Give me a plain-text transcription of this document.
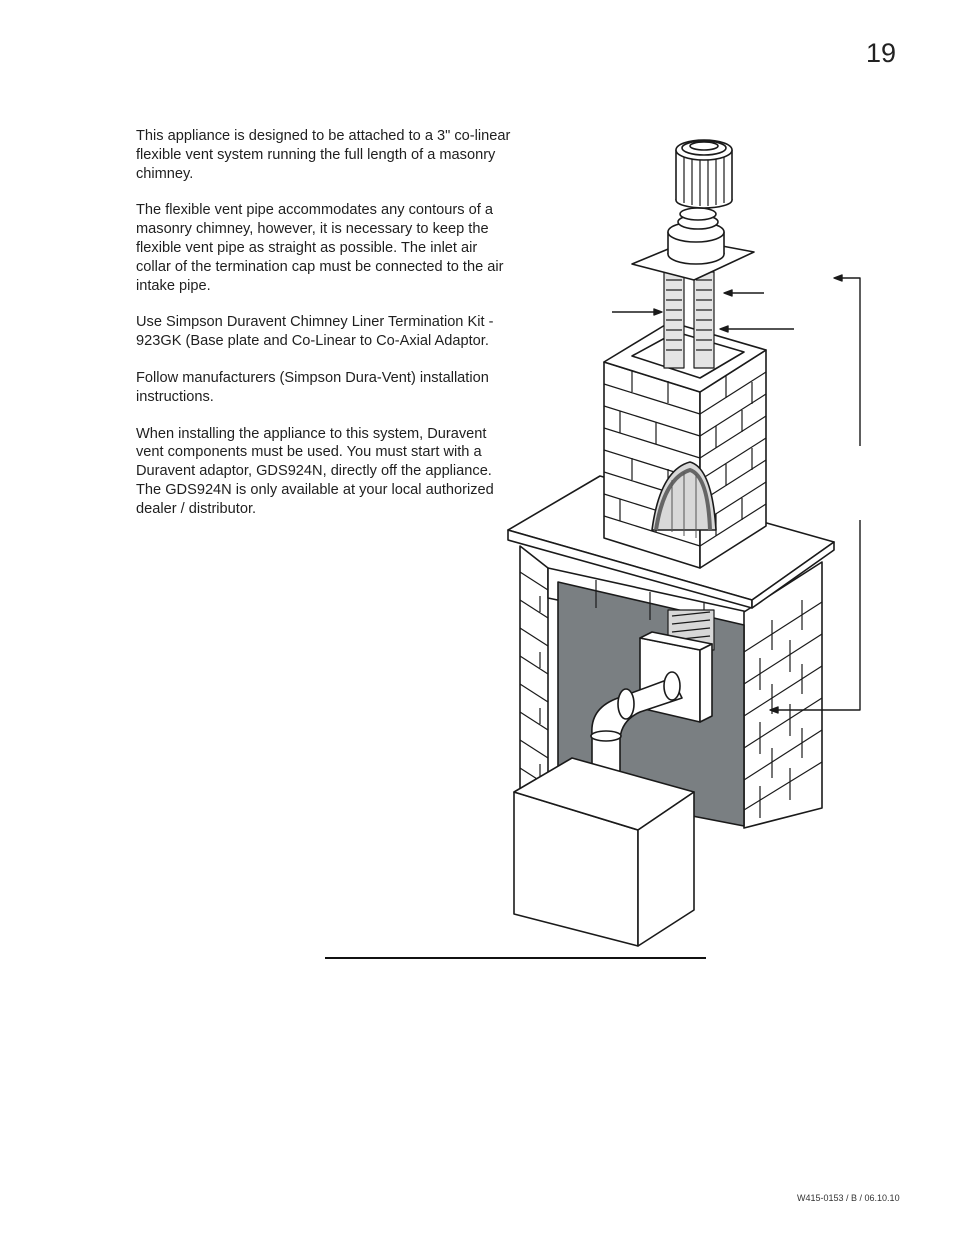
19

This appliance is designed to be attached to a 3" co-linear flexible vent system running the full length of a masonry chimney.

The flexible vent pipe accommodates any contours of a masonry chimney, however, it is necessary to keep the flexible vent pipe as straight as possible. The inlet air collar of the termination cap must be connected to the air intake pipe.

Use Simpson Duravent Chimney Liner Termination Kit - 923GK (Base plate and Co-Linear to Co-Axial Adaptor.

Follow manufacturers (Simpson Dura-Vent) installation instructions.

When installing the appliance to this system, Duravent vent components must be used. You must start with a Duravent adaptor, GDS924N, directly off the appliance. The GDS924N is only available at your local authorized dealer / distributor.

W415-0153 / B / 06.10.10
